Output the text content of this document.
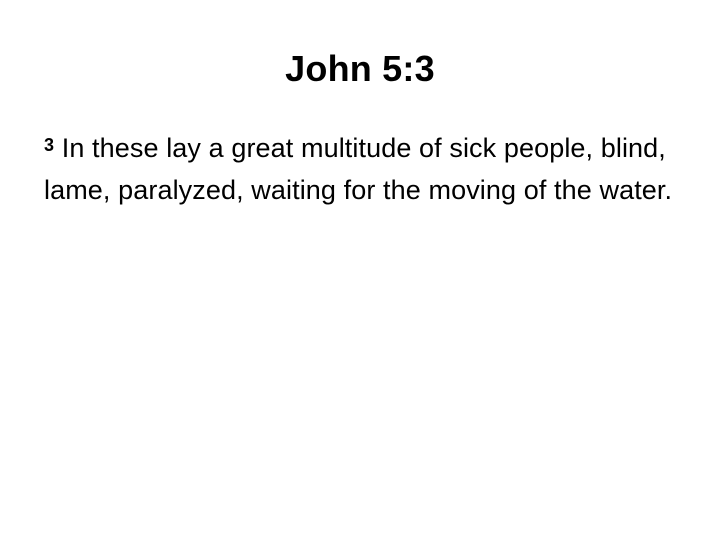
John 5:3
$^3$ In these lay a great multitude of sick people, blind, lame, paralyzed, waiting for the moving of the water.
